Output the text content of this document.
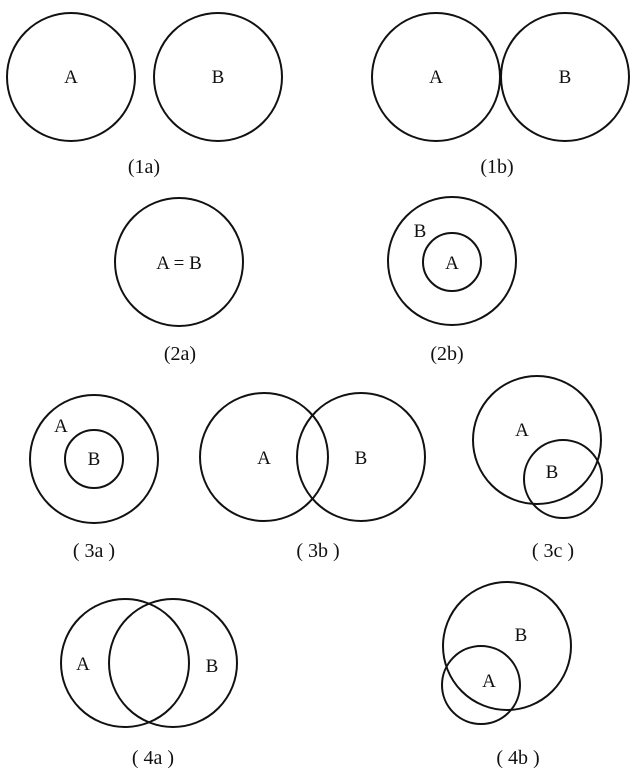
A	B
(1a)
A	B
(1b)
A = B
(2a)
B
A
(2b)
A
B
( 3a )
A	B
( 3b )
A
B
( 3c )
A	B
( 4a )
B
A
( 4b )
